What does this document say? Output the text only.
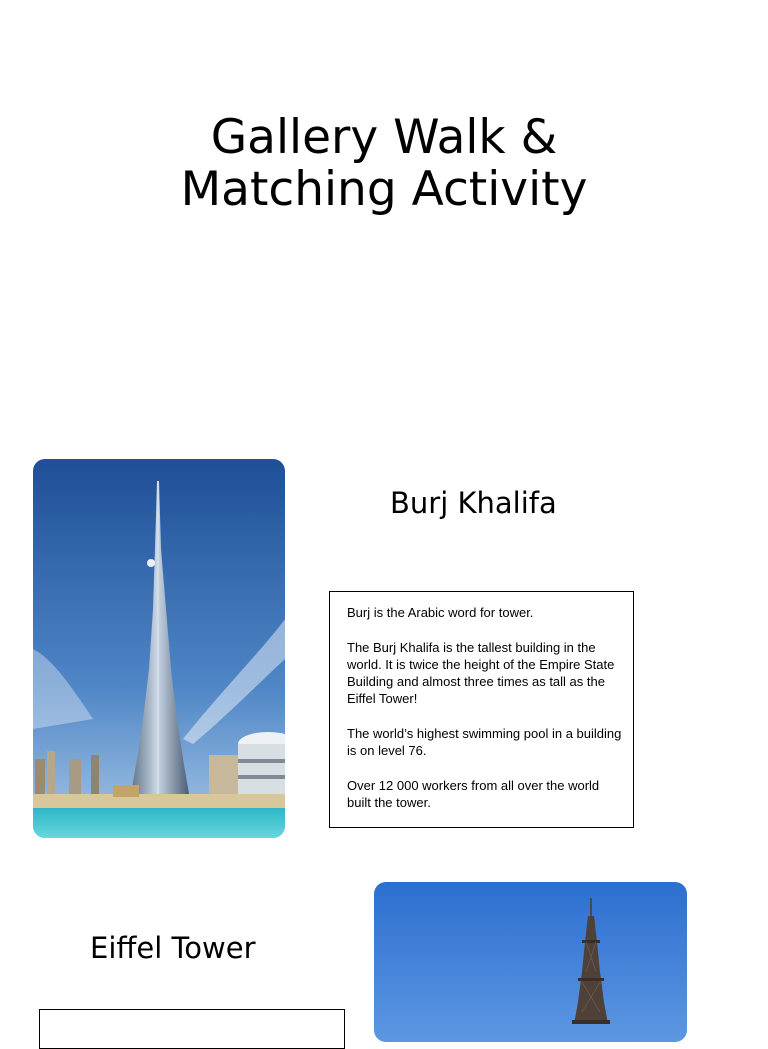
Gallery Walk &
Matching Activity
Burj Khalifa

Burj is the Arabic word for tower.

The Burj Khalifa is the tallest building in the world. It is twice the height of the Empire State Building and almost three times as tall as the Eiffel Tower!

The world’s highest swimming pool in a building is on level 76.

Over 12 000 workers from all over the world built the tower.

Eiffel Tower
